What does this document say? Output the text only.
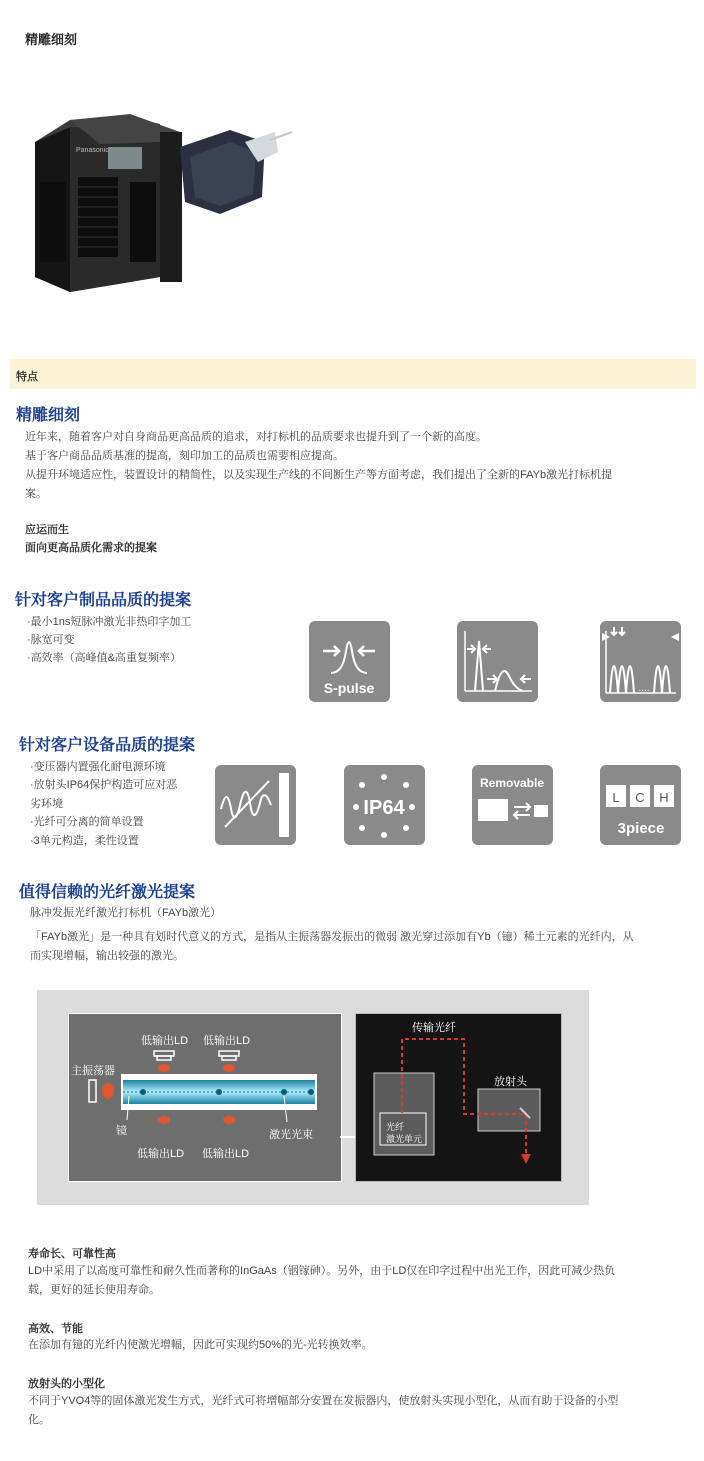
精雕细刻
Panasonic
特点
精雕细刻
近年来，随着客户对自身商品更高品质的追求，对打标机的品质要求也提升到了一个新的高度。
基于客户商品品质基准的提高，刻印加工的品质也需要相应提高。
从提升环境适应性，装置设计的精简性，以及实现生产线的不间断生产等方面考虑，我们提出了全新的FAYb激光打标机提
案。
应运而生
面向更高品质化需求的提案
针对客户制品品质的提案
·最小1ns短脉冲激光非热印字加工
·脉宽可变
·高效率（高峰值&高重复频率）
S-pulse	....
针对客户设备品质的提案
·变压器内置强化耐电源环境
·放射头IP64保护构造可应对恶
劣环境
·光纤可分离的简单设置
·3单元构造，柔性设置
IP64
Removable
L C H
3piece
值得信赖的光纤激光提案
脉冲发振光纤激光打标机（FAYb激光）
「FAYb激光」是一种具有划时代意义的方式，是指从主振荡器发振出的微弱 激光穿过添加有Yb（镱）稀土元素的光纤内，从
而实现增幅，输出较强的激光。
低输出LD 低输出LD
主振荡器
镜	激光光束
低输出LD 低输出LD
传输光纤
放射头
光纤
激光单元
寿命长、可靠性高
LD中采用了以高度可靠性和耐久性而著称的InGaAs（铟镓砷）。另外，由于LD仅在印字过程中出光工作，因此可减少热负
载，更好的延长使用寿命。
高效、节能
在添加有镱的光纤内使激光增幅，因此可实现约50%的光-光转换效率。
放射头的小型化
不同于YVO4等的固体激光发生方式，光纤式可将增幅部分安置在发振器内，使放射头实现小型化，从而有助于设备的小型
化。
